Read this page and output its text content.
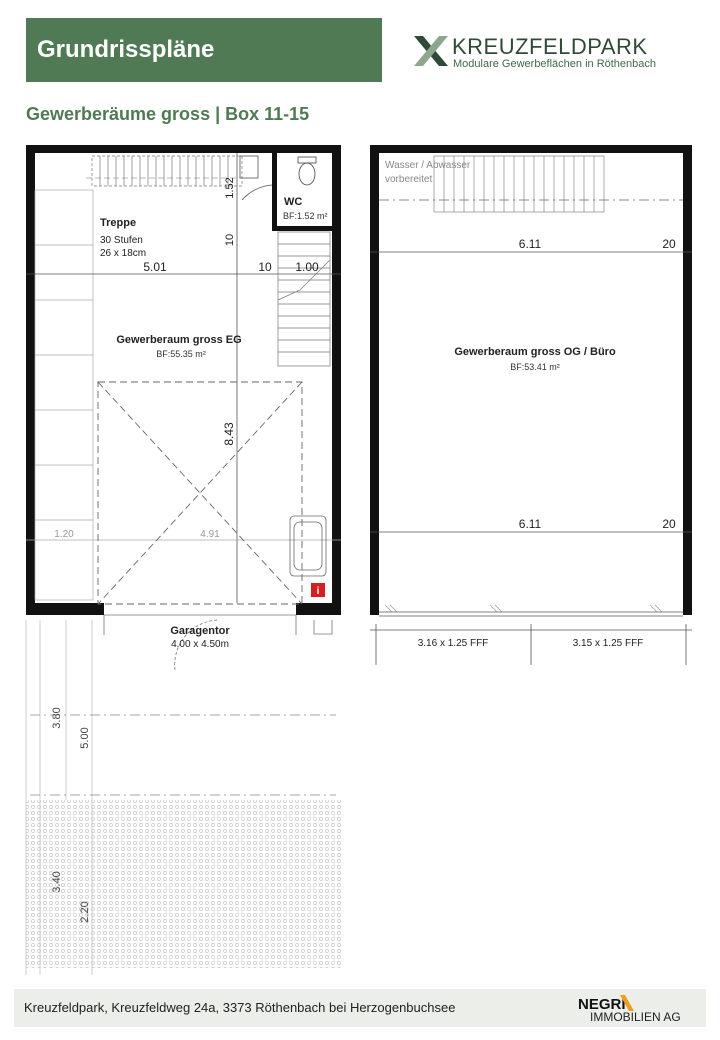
Grundrisspläne	KREUZFELDPARK
Modulare Gewerbeflächen in Röthenbach
Gewerberäume gross | Box 11-15
i
Treppe
30 Stufen
26 x 18cm
WC
BF:1.52 m²
Gewerberaum gross EG
BF:55.35 m²
Garagentor
4.00 x 4.50m
5.01	10 1.00
10
1.52
8.43
1.20	4.91
3.80
5.00
3.40
2.20
Wasser / Abwasser
vorbereitet
6.11	20
Gewerberaum gross OG / Büro
BF:53.41 m²
6.11	20
3.16 x 1.25 FFF	3.15 x 1.25 FFF
Kreuzfeldpark, Kreuzfeldweg 24a, 3373 Röthenbach bei Herzogenbuchsee	NEGRI
IMMOBILIEN AG
